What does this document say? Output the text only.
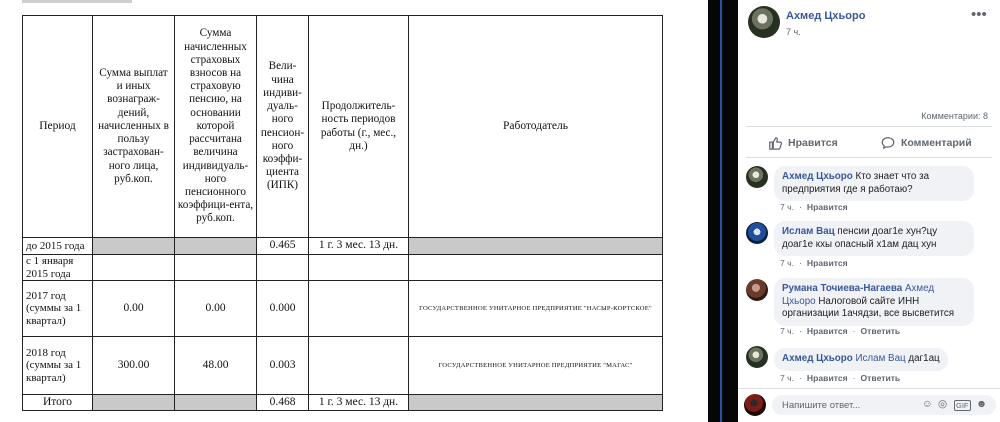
Период	Сумма выплат и иных вознаграж-дений, начисленных в пользу застрахован-ного лица, руб.коп.	Сумма начисленных страховых взносов на страховую пенсию, на основании которой рассчитана величина индивидуаль-ного пенсионного коэффици-ента, руб.коп.	Вели-чина индиви-дуаль-ного пенсион-ного коэффи-циента (ИПК)	Продолжитель-ность периодов работы (г., мес., дн.)	Работодатель
до 2015 года			0.465	1 г. 3 мес. 13 дн.	
с 1 января 2015 года					
2017 год (суммы за 1 квартал)	0.00	0.00	0.000		ГОСУДАРСТВЕННОЕ УНИТАРНОЕ ПРЕДПРИЯТИЕ "НАСЫР-КОРТСКОЕ"
2018 год (суммы за 1 квартал)	300.00	48.00	0.003		ГОСУДАРСТВЕННОЕ УНИТАРНОЕ ПРЕДПРИЯТИЕ "МАГАС"
Итого			0.468	1 г. 3 мес. 13 дн.	
Ахмед Цхьоро
7 ч.
•••
Комментарии: 8
Нравится	Комментарий
Ахмед Цхьоро Кто знает что за предприятия где я работаю?
7 ч. · Нравится
Ислам Вац пенсии доаг1е хун?цу доаг1е кхы опасный х1ам дац хун
7 ч. · Нравится
Румана Точиева-Нагаева Ахмед Цхьоро Налоговой сайте ИНН организации 1ачядзи, все высветится
7 ч. · Нравится · Ответить
Ахмед Цхьоро Ислам Вац даг1ац
7 ч. · Нравится · Ответить
Напишите ответ...
☺ ◎ GIF ☻
